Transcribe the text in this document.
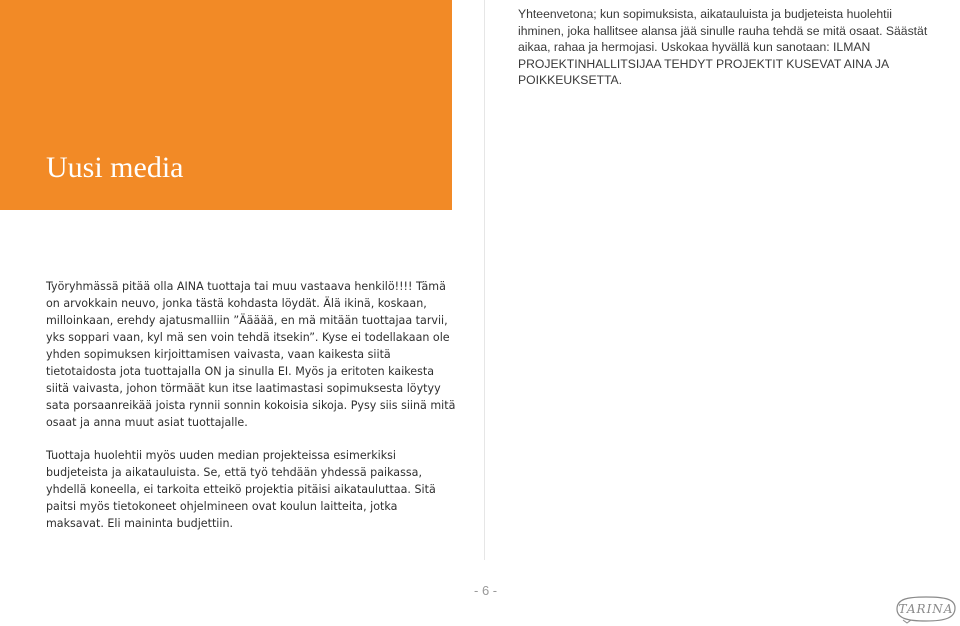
Uusi media

Yhteenvetona; kun sopimuksista, aikatauluista ja budjeteista huolehtii ihminen, joka hallitsee alansa jää sinulle rauha tehdä se mitä osaat. Säästät aikaa, rahaa ja hermojasi. Uskokaa hyvällä kun sanotaan: ILMAN PROJEKTINHALLITSIJAA TEHDYT PROJEKTIT KUSEVAT AINA JA POIKKEUKSETTA.

Työryhmässä pitää olla AINA tuottaja tai muu vastaava henkilö!!!! Tämä on arvokkain neuvo, jonka tästä kohdasta löydät. Älä ikinä, koskaan, milloinkaan, erehdy ajatusmalliin ”Äääää, en mä mitään tuottajaa tarvii, yks soppari vaan, kyl mä sen voin tehdä itsekin”. Kyse ei todellakaan ole yhden sopimuksen kirjoittamisen vaivasta, vaan kaikesta siitä tietotaidosta jota tuottajalla ON ja sinulla EI. Myös ja eritoten kaikesta siitä vaivasta, johon törmäät kun itse laatimastasi sopimuksesta löytyy sata porsaanreikää joista rynnii sonnin kokoisia sikoja. Pysy siis siinä mitä osaat ja anna muut asiat tuottajalle.

Tuottaja huolehtii myös uuden median projekteissa esimerkiksi budjeteista ja aikatauluista. Se, että työ tehdään yhdessä paikassa, yhdellä koneella, ei tarkoita etteikö projektia pitäisi aikatauluttaa. Sitä paitsi myös tietokoneet ohjelmineen ovat koulun laitteita, jotka maksavat. Eli maininta budjettiin.

- 6 -
TARINA
